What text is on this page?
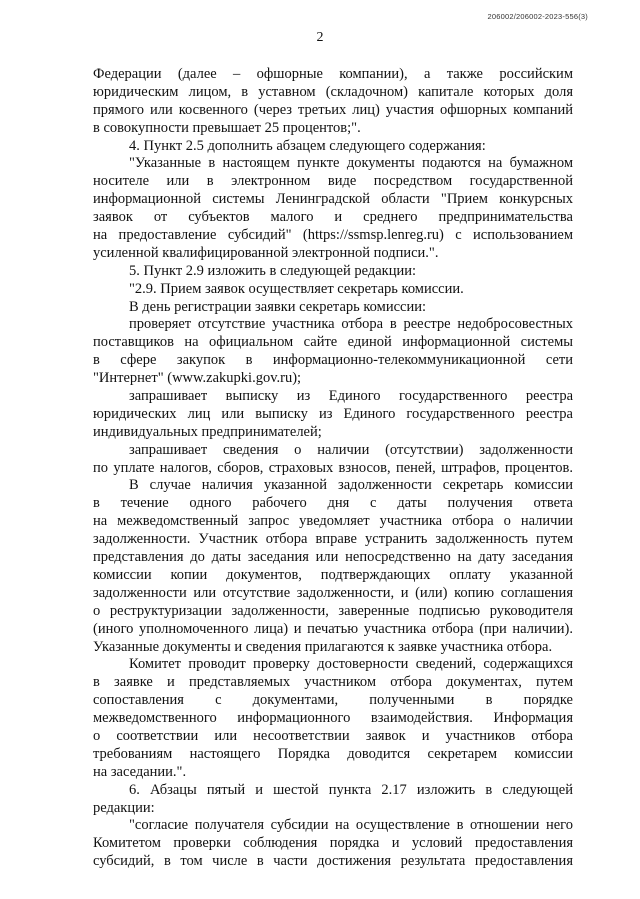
206002/206002-2023-556(3)
2
Федерации (далее – офшорные компании), а также российским
юридическим лицом, в уставном (складочном) капитале которых доля
прямого или косвенного (через третьих лиц) участия офшорных компаний
в совокупности превышает 25 процентов;".
4. Пункт 2.5 дополнить абзацем следующего содержания:
"Указанные в настоящем пункте документы подаются на бумажном
носителе или в электронном виде посредством государственной
информационной системы Ленинградской области "Прием конкурсных
заявок от субъектов малого и среднего предпринимательства
на предоставление субсидий" (https://ssmsp.lenreg.ru) с использованием
усиленной квалифицированной электронной подписи.".
5. Пункт 2.9 изложить в следующей редакции:
"2.9. Прием заявок осуществляет секретарь комиссии.
В день регистрации заявки секретарь комиссии:
проверяет отсутствие участника отбора в реестре недобросовестных
поставщиков на официальном сайте единой информационной системы
в сфере закупок в информационно-телекоммуникационной сети
"Интернет" (www.zakupki.gov.ru);
запрашивает выписку из Единого государственного реестра
юридических лиц или выписку из Единого государственного реестра
индивидуальных предпринимателей;
запрашивает сведения о наличии (отсутствии) задолженности
по уплате налогов, сборов, страховых взносов, пеней, штрафов, процентов.
В случае наличия указанной задолженности секретарь комиссии
в течение одного рабочего дня с даты получения ответа
на межведомственный запрос уведомляет участника отбора о наличии
задолженности. Участник отбора вправе устранить задолженность путем
представления до даты заседания или непосредственно на дату заседания
комиссии копии документов, подтверждающих оплату указанной
задолженности или отсутствие задолженности, и (или) копию соглашения
о реструктуризации задолженности, заверенные подписью руководителя
(иного уполномоченного лица) и печатью участника отбора (при наличии).
Указанные документы и сведения прилагаются к заявке участника отбора.
Комитет проводит проверку достоверности сведений, содержащихся
в заявке и представляемых участником отбора документах, путем
сопоставления с документами, полученными в порядке
межведомственного информационного взаимодействия. Информация
о соответствии или несоответствии заявок и участников отбора
требованиям настоящего Порядка доводится секретарем комиссии
на заседании.".
6. Абзацы пятый и шестой пункта 2.17 изложить в следующей
редакции:
"согласие получателя субсидии на осуществление в отношении него
Комитетом проверки соблюдения порядка и условий предоставления
субсидий, в том числе в части достижения результата предоставления
